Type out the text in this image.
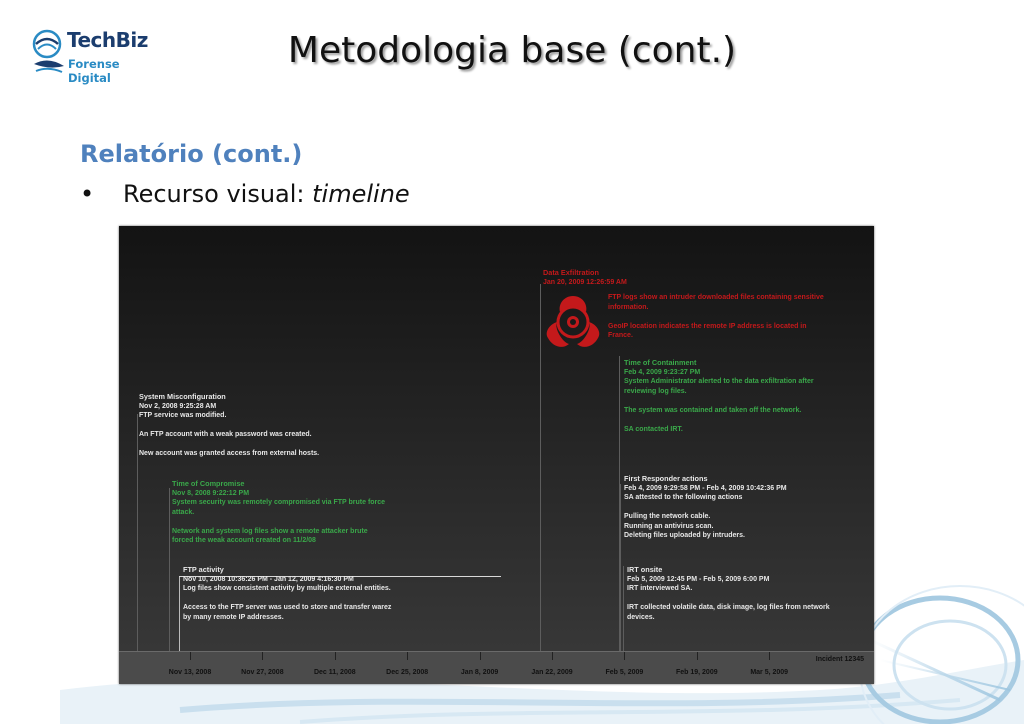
TechBiz
Forense Digital
Metodologia base (cont.)
Relatório (cont.)
• Recurso visual: timeline

Data Exfiltration

Jan 20, 2009 12:26:59 AM

FTP logs show an intruder downloaded files containing sensitive

information.

GeoIP location indicates the remote IP address is located in

France.

System Misconfiguration

Nov 2, 2008 9:25:28 AM

FTP service was modified.

An FTP account with a weak password was created.

New account was granted access from external hosts.

Time of Containment

Feb 4, 2009 9:23:27 PM

System Administrator alerted to the data exfiltration after

reviewing log files.

The system was contained and taken off the network.

SA contacted IRT.

Time of Compromise

Nov 8, 2008 9:22:12 PM

System security was remotely compromised via FTP brute force

attack.

Network and system log files show a remote attacker brute

forced the weak account created on 11/2/08

First Responder actions

Feb 4, 2009 9:29:58 PM - Feb 4, 2009 10:42:36 PM

SA attested to the following actions

Pulling the network cable.

Running an antivirus scan.

Deleting files uploaded by intruders.

FTP activity

Nov 10, 2008 10:36:26 PM - Jan 12, 2009 4:16:30 PM

Log files show consistent activity by multiple external entities.

Access to the FTP server was used to store and transfer warez

by many remote IP addresses.

IRT onsite

Feb 5, 2009 12:45 PM - Feb 5, 2009 6:00 PM

IRT interviewed SA.

IRT collected volatile data, disk image, log files from network

devices.

Incident 12345
Nov 13, 2008	Nov 27, 2008	Dec 11, 2008	Dec 25, 2008	Jan 8, 2009	Jan 22, 2009	Feb 5, 2009	Feb 19, 2009	Mar 5, 2009
